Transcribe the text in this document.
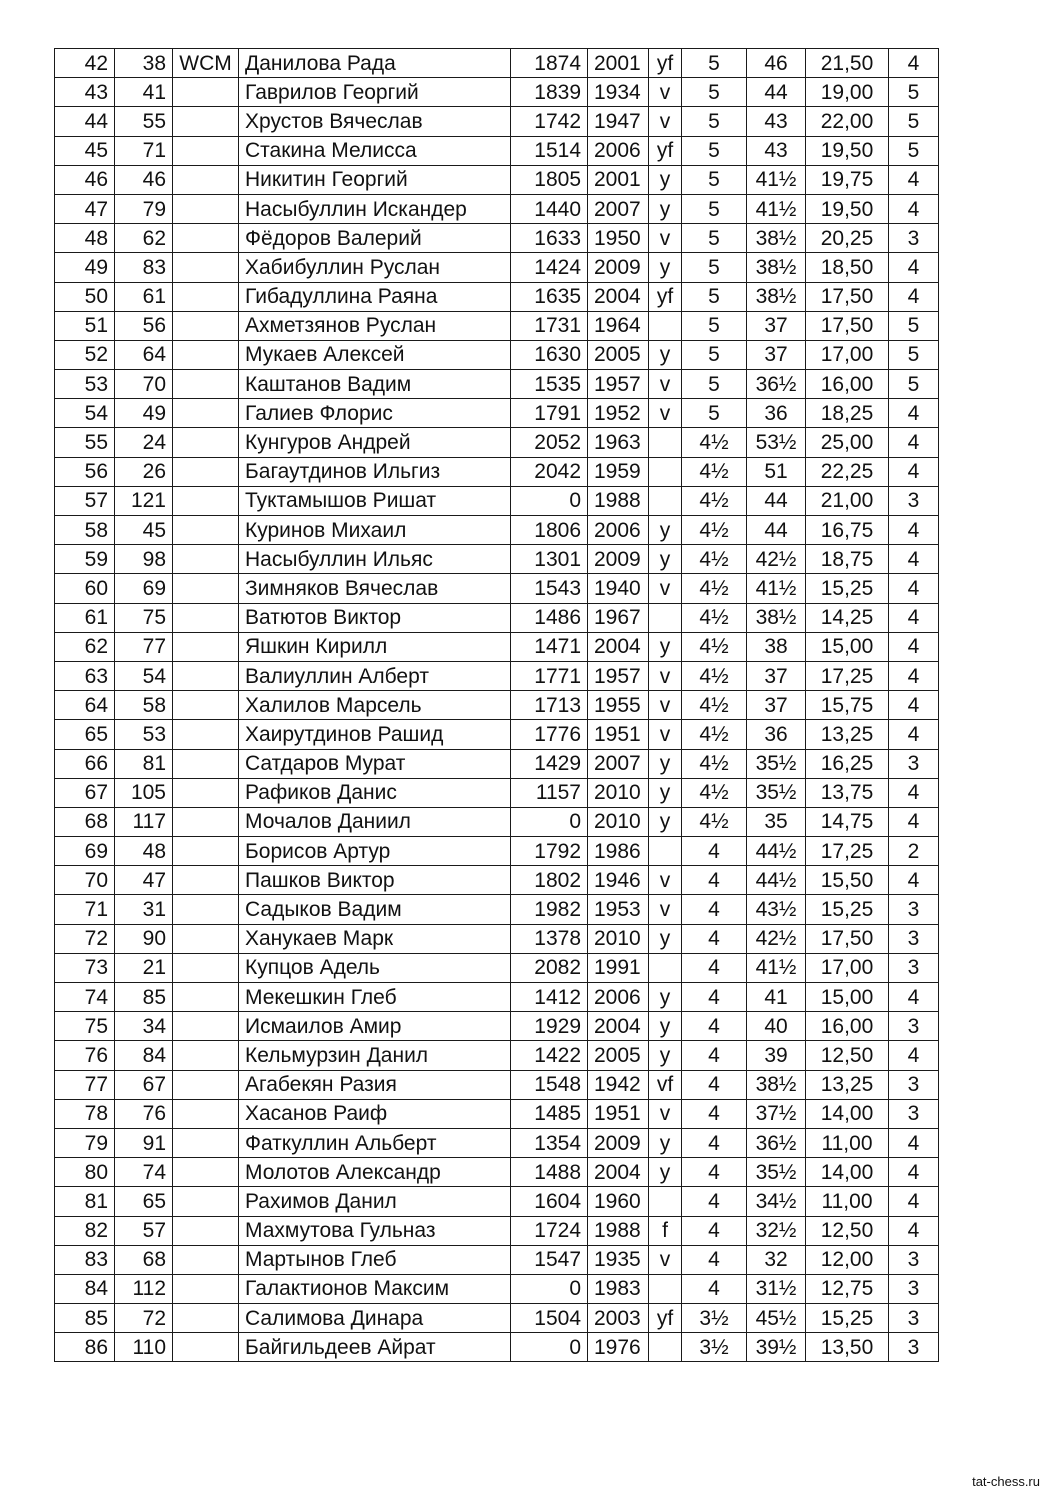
42	38	WCM	Данилова Рада	1874	2001	yf	5	46	21,50	4
43	41		Гаврилов Георгий	1839	1934	v	5	44	19,00	5
44	55		Хрустов Вячеслав	1742	1947	v	5	43	22,00	5
45	71		Стакина Мелисса	1514	2006	yf	5	43	19,50	5
46	46		Никитин Георгий	1805	2001	y	5	41½	19,75	4
47	79		Насыбуллин Искандер	1440	2007	y	5	41½	19,50	4
48	62		Фёдоров Валерий	1633	1950	v	5	38½	20,25	3
49	83		Хабибуллин Руслан	1424	2009	y	5	38½	18,50	4
50	61		Гибадуллина Раяна	1635	2004	yf	5	38½	17,50	4
51	56		Ахметзянов Руслан	1731	1964		5	37	17,50	5
52	64		Мукаев Алексей	1630	2005	y	5	37	17,00	5
53	70		Каштанов Вадим	1535	1957	v	5	36½	16,00	5
54	49		Галиев Флорис	1791	1952	v	5	36	18,25	4
55	24		Кунгуров Андрей	2052	1963		4½	53½	25,00	4
56	26		Багаутдинов Ильгиз	2042	1959		4½	51	22,25	4
57	121		Туктамышов Ришат	0	1988		4½	44	21,00	3
58	45		Куринов Михаил	1806	2006	y	4½	44	16,75	4
59	98		Насыбуллин Ильяс	1301	2009	y	4½	42½	18,75	4
60	69		Зимняков Вячеслав	1543	1940	v	4½	41½	15,25	4
61	75		Ватютов Виктор	1486	1967		4½	38½	14,25	4
62	77		Яшкин Кирилл	1471	2004	y	4½	38	15,00	4
63	54		Валиуллин Алберт	1771	1957	v	4½	37	17,25	4
64	58		Халилов Марсель	1713	1955	v	4½	37	15,75	4
65	53		Хаирутдинов Рашид	1776	1951	v	4½	36	13,25	4
66	81		Сатдаров Мурат	1429	2007	y	4½	35½	16,25	3
67	105		Рафиков Данис	1157	2010	y	4½	35½	13,75	4
68	117		Мочалов Даниил	0	2010	y	4½	35	14,75	4
69	48		Борисов Артур	1792	1986		4	44½	17,25	2
70	47		Пашков Виктор	1802	1946	v	4	44½	15,50	4
71	31		Садыков Вадим	1982	1953	v	4	43½	15,25	3
72	90		Ханукаев Марк	1378	2010	y	4	42½	17,50	3
73	21		Купцов Адель	2082	1991		4	41½	17,00	3
74	85		Мекешкин Глеб	1412	2006	y	4	41	15,00	4
75	34		Исмаилов Амир	1929	2004	y	4	40	16,00	3
76	84		Кельмурзин Данил	1422	2005	y	4	39	12,50	4
77	67		Агабекян Разия	1548	1942	vf	4	38½	13,25	3
78	76		Хасанов Раиф	1485	1951	v	4	37½	14,00	3
79	91		Фаткуллин Альберт	1354	2009	y	4	36½	11,00	4
80	74		Молотов Александр	1488	2004	y	4	35½	14,00	4
81	65		Рахимов Данил	1604	1960		4	34½	11,00	4
82	57		Махмутова Гульназ	1724	1988	f	4	32½	12,50	4
83	68		Мартынов Глеб	1547	1935	v	4	32	12,00	3
84	112		Галактионов Максим	0	1983		4	31½	12,75	3
85	72		Салимова Динара	1504	2003	yf	3½	45½	15,25	3
86	110		Байгильдеев Айрат	0	1976		3½	39½	13,50	3
tat-chess.ru
